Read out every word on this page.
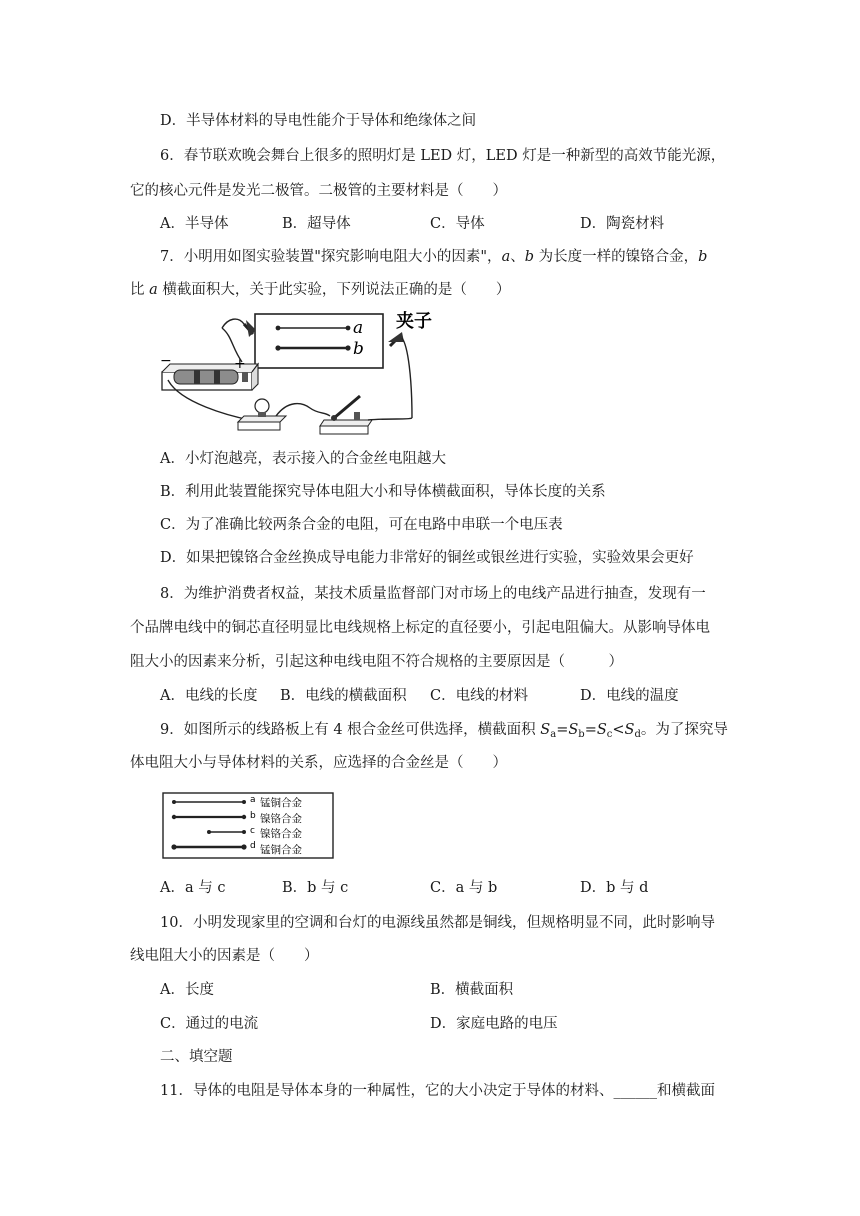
D．半导体材料的导电性能介于导体和绝缘体之间
6．春节联欢晚会舞台上很多的照明灯是 LED 灯，LED 灯是一种新型的高效节能光源，
它的核心元件是发光二极管。二极管的主要材料是（　　）
A．半导体	B．超导体	C．导体	D．陶瓷材料
7．小明用如图实验装置"探究影响电阻大小的因素"，a、b 为长度一样的镍铬合金，b
比 a 横截面积大，关于此实验，下列说法正确的是（　　）
a
b
夹子
−	+
A．小灯泡越亮，表示接入的合金丝电阻越大
B．利用此装置能探究导体电阻大小和导体横截面积，导体长度的关系
C．为了准确比较两条合金的电阻，可在电路中串联一个电压表
D．如果把镍铬合金丝换成导电能力非常好的铜丝或银丝进行实验，实验效果会更好
8．为维护消费者权益，某技术质量监督部门对市场上的电线产品进行抽查，发现有一
个品牌电线中的铜芯直径明显比电线规格上标定的直径要小，引起电阻偏大。从影响导体电
阻大小的因素来分析，引起这种电线电阻不符合规格的主要原因是（　　　）
A．电线的长度 B．电线的横截面积 C．电线的材料	D．电线的温度
9．如图所示的线路板上有 4 根合金丝可供选择，横截面积 $S_a=S_b=S_c<S_d$。为了探究导
体电阻大小与导体材料的关系，应选择的合金丝是（　　）
a
b
c
d
锰铜合金
镍铬合金
镍铬合金
锰铜合金
A．a 与 c	B．b 与 c	C．a 与 b	D．b 与 d
10．小明发现家里的空调和台灯的电源线虽然都是铜线，但规格明显不同，此时影响导
线电阻大小的因素是（　　）
A．长度	B．横截面积
C．通过的电流	D．家庭电路的电压
二、填空题
11．导体的电阻是导体本身的一种属性，它的大小决定于导体的材料、______和横截面
